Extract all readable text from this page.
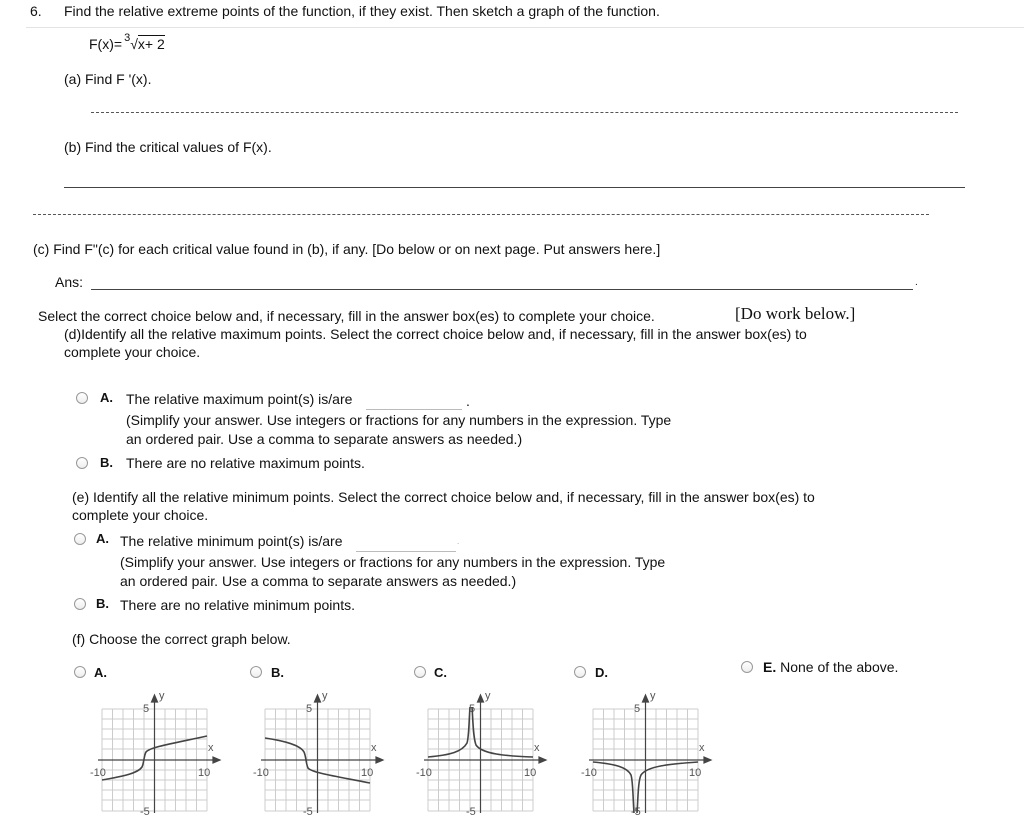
6. Find the relative extreme points of the function, if they exist. Then sketch a graph of the function.
F(x)= $^3$√x+ 2
(a) Find F '(x).
(b) Find the critical values of F(x).
(c) Find F"(c) for each critical value found in (b), if any. [Do below or on next page. Put answers here.]
Ans:	.
Select the correct choice below and, if necessary, fill in the answer box(es) to complete your choice.	[Do work below.]
(d)Identify all the relative maximum points. Select the correct choice below and, if necessary, fill in the answer box(es) to
complete your choice.
A. The relative maximum point(s) is/are	.
(Simplify your answer. Use integers or fractions for any numbers in the expression. Type
an ordered pair. Use a comma to separate answers as needed.)
B. There are no relative maximum points.
(e) Identify all the relative minimum points. Select the correct choice below and, if necessary, fill in the answer box(es) to
complete your choice.
A. The relative minimum point(s) is/are	.
(Simplify your answer. Use integers or fractions for any numbers in the expression. Type
an ordered pair. Use a comma to separate answers as needed.)
B. There are no relative minimum points.
(f) Choose the correct graph below.
A.	B.	C.	D.	E. None of the above.
y
x
-10	10
5
-5
y
x
-10	10
5
-5
y
x
-10	10
5
-5
y
x
-10	10
5
-5
